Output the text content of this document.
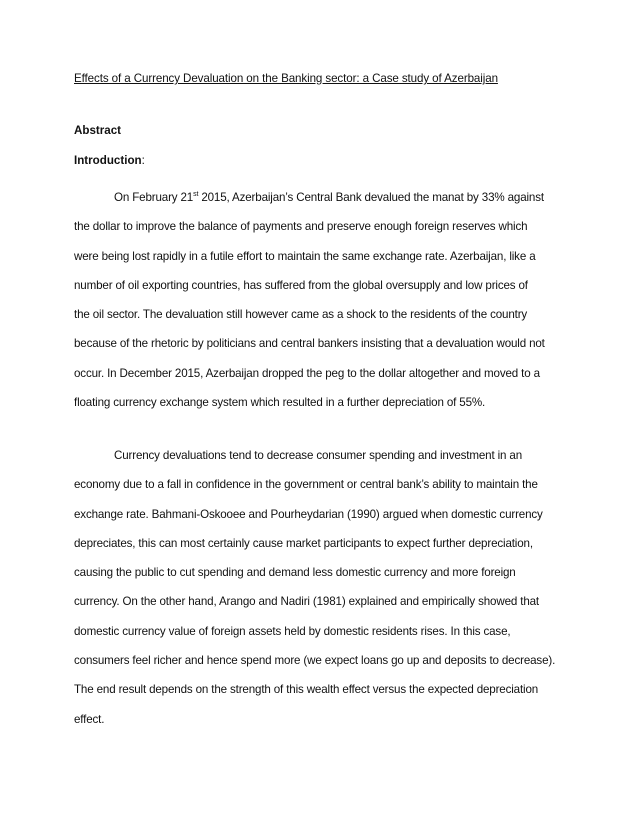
Effects of a Currency Devaluation on the Banking sector: a Case study of Azerbaijan
Abstract
Introduction:
On February 21st 2015, Azerbaijan’s Central Bank devalued the manat by 33% against
the dollar to improve the balance of payments and preserve enough foreign reserves which
were being lost rapidly in a futile effort to maintain the same exchange rate. Azerbaijan, like a
number of oil exporting countries, has suffered from the global oversupply and low prices of
the oil sector. The devaluation still however came as a shock to the residents of the country
because of the rhetoric by politicians and central bankers insisting that a devaluation would not
occur. In December 2015, Azerbaijan dropped the peg to the dollar altogether and moved to a
floating currency exchange system which resulted in a further depreciation of 55%.
Currency devaluations tend to decrease consumer spending and investment in an
economy due to a fall in confidence in the government or central bank’s ability to maintain the
exchange rate. Bahmani-Oskooee and Pourheydarian (1990) argued when domestic currency
depreciates, this can most certainly cause market participants to expect further depreciation,
causing the public to cut spending and demand less domestic currency and more foreign
currency. On the other hand, Arango and Nadiri (1981) explained and empirically showed that
domestic currency value of foreign assets held by domestic residents rises. In this case,
consumers feel richer and hence spend more (we expect loans go up and deposits to decrease).
The end result depends on the strength of this wealth effect versus the expected depreciation
effect.
